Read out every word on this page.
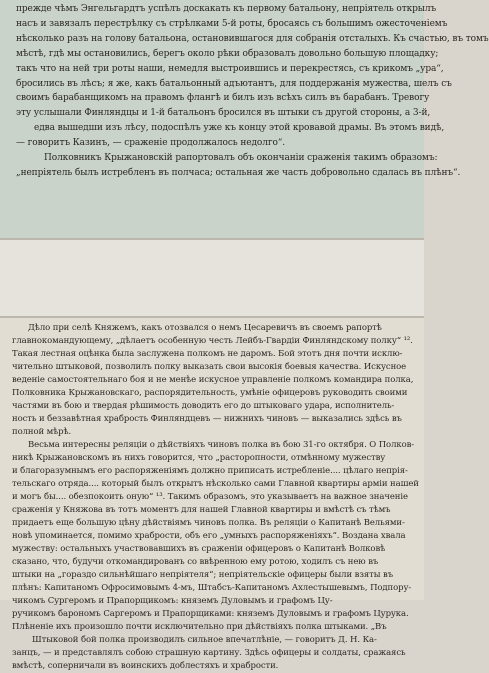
прежде чѣмъ Энгельгардтъ успѣлъ доскакать къ первому батальону, непріятель открылъ
насъ и завязалъ перестрѣлку съ стрѣлками 5-й роты, бросаясь съ большимъ ожесточеніемъ
нѣсколько разъ на голову батальона, остановившагося для собранія отсталыхъ. Къ счастью, въ томъ
мѣстѣ, гдѣ мы остановились, берегъ около рѣки образовалъ довольно большую площадку;
такъ что на ней три роты наши, немедля выстроившись и перекрестясь, съ крикомъ „ура“,
бросились въ лѣсъ; я же, какъ батальонный адъютантъ, для поддержанія мужества, шелъ съ
своимъ барабанщикомъ на правомъ флангѣ и билъ изъ всѣхъ силъ въ барабанъ. Тревогу
эту услышали Финляндцы и 1-й батальонъ бросился въ штыки съ другой стороны, а 3-й,
едва вышедши изъ лѣсу, подоспѣлъ уже къ концу этой кровавой драмы. Въ этомъ видѣ,
— говоритъ Казинъ, — сраженіе продолжалось недолго“.
Полковникъ Крыжановскій рапортовалъ объ окончаніи сраженія такимъ образомъ:
„непріятель былъ истребленъ въ полчаса; остальная же часть добровольно сдалась въ плѣнъ“.
Дѣло при селѣ Княжемъ, какъ отозвался о немъ Цесаревичъ въ своемъ рапортѣ
главнокомандующему, „дѣлаетъ особенную честь Лейбъ-Гвардіи Финляндскому полку“ ¹².
Такая лестная оцѣнка была заслужена полкомъ не даромъ. Бой этотъ дня почти исклю-
чительно штыковой, позволилъ полку выказать свои высокія боевыя качества. Искусное
веденіе самостоятельнаго боя и не менѣе искусное управленіе полкомъ командира полка,
Полковника Крыжановскаго, распорядительность, умѣніе офицеровъ руководить своими
частями въ бою и твердая рѣшимость доводить его до штыковаго удара, исполнитель-
ность и беззавѣтная храбрость Финляндцевъ — нижнихъ чиновъ — выказались здѣсь въ
полной мѣрѣ.
Весьма интересны реляціи о дѣйствіяхъ чиновъ полка въ бою 31-го октября. О Полков-
никѣ Крыжановскомъ въ нихъ говорится, что „расторопности, отмѣнному мужеству
и благоразумнымъ его распоряженіямъ должно приписать истребленіе.... цѣлаго непрія-
тельскаго отряда.... который былъ открытъ нѣсколько сами Главной квартиры арміи нашей
и могъ бы.... обезпокоить оную“ ¹³. Такимъ образомъ, это указываетъ на важное значеніе
сраженія у Княжова въ тотъ моментъ для нашей Главной квартиры и вмѣстѣ съ тѣмъ
придаетъ еще большую цѣну дѣйствіямъ чиновъ полка. Въ реляціи о Капитанѣ Вельями-
новѣ упоминается, помимо храбрости, объ его „умныхъ распоряженіяхъ“. Воздана хвала
мужеству: остальныхъ участвовавшихъ въ сраженіи офицеровъ о Капитанѣ Волковѣ
сказано, что, будучи откомандированъ со ввѣренною ему ротою, ходилъ съ нею въ
штыки на „гораздо сильнѣйшаго непріятеля“; непріятельскіе офицеры были взяты въ
плѣнъ: Капитаномъ Офросимовымъ 4-мъ, Штабсъ-Капитаномъ Ахлестышевымъ, Подпору-
чикомъ Сургеромъ и Прапорщикомъ: княземъ Дуловымъ и графомъ Цу-
ручикомъ барономъ Саргеромъ и Прапорщиками: княземъ Дуловымъ и графомъ Цурука.
Плѣненіе ихъ произошло почти исключительно при дѣйствіяхъ полка штыками. „Въ
Штыковой бой полка производилъ сильное впечатлѣніе, — говоритъ Д. Н. Ка-
занцъ, — и представлялъ собою страшную картину. Здѣсь офицеры и солдаты, сражаясь
вмѣстѣ, соперничали въ воинскихъ доблестяхъ и храбрости.
